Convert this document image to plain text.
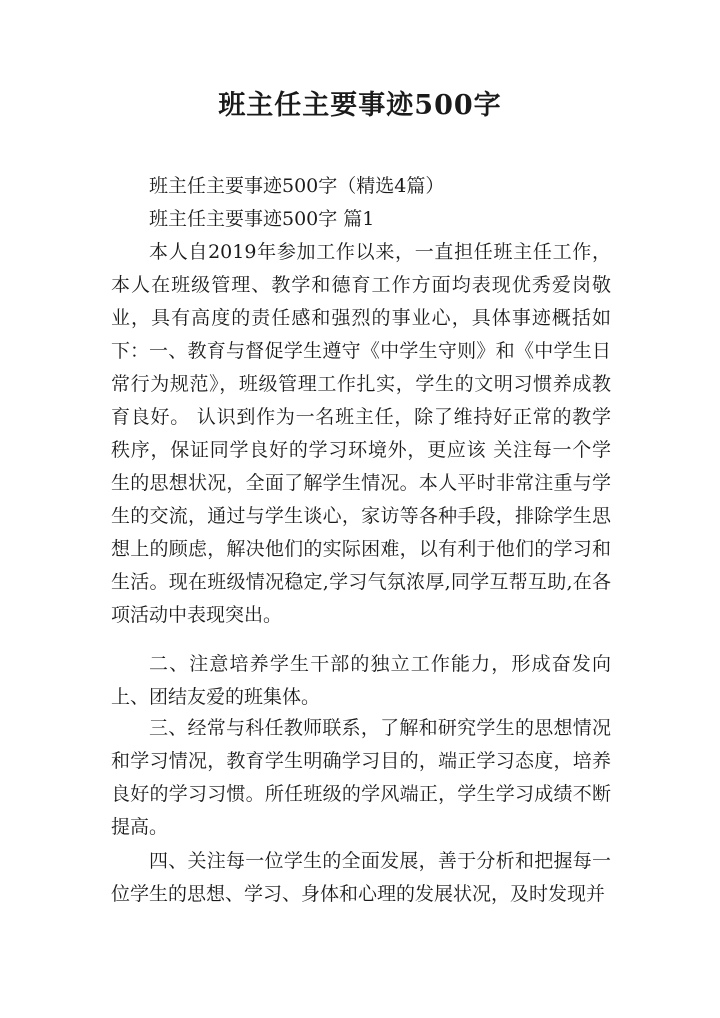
班主任主要事迹500字
班主任主要事迹500字（精选4篇）
班主任主要事迹500字 篇1

本人自2019年参加工作以来，一直担任班主任工作，本人在班级管理、教学和德育工作方面均表现优秀爱岗敬业，具有高度的责任感和强烈的事业心，具体事迹概括如下： 一、教育与督促学生遵守《中学生守则》和《中学生日常行为规范》，班级管理工作扎实，学生的文明习惯养成教育良好。 认识到作为一名班主任，除了维持好正常的教学秩序，保证同学良好的学习环境外，更应该 关注每一个学生的思想状况，全面了解学生情况。本人平时非常注重与学生的交流，通过与学生谈心，家访等各种手段，排除学生思想上的顾虑，解决他们的实际困难，以有利于他们的学习和生活。现在班级情况稳定,学习气氛浓厚,同学互帮互助,在各项活动中表现突出。

二、注意培养学生干部的独立工作能力，形成奋发向上、团结友爱的班集体。

三、经常与科任教师联系，了解和研究学生的思想情况和学习情况，教育学生明确学习目的，端正学习态度，培养良好的学习习惯。所任班级的学风端正，学生学习成绩不断提高。

四、关注每一位学生的全面发展，善于分析和把握每一位学生的思想、学习、身体和心理的发展状况，及时发现并
